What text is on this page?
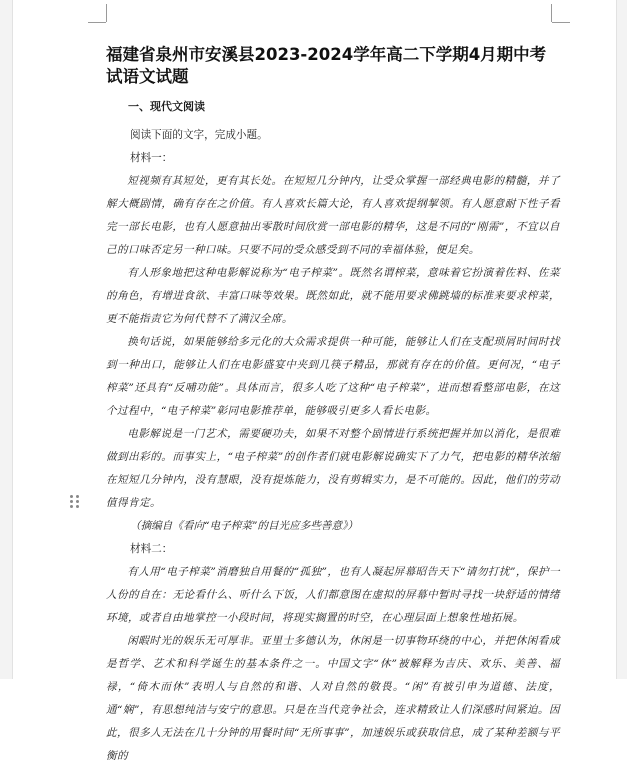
福建省泉州市安溪县2023-2024学年高二下学期4月期中考试语文试题
一、现代文阅读
阅读下面的文字，完成小题。
材料一：

短视频有其短处，更有其长处。在短短几分钟内，让受众掌握一部经典电影的精髓，并了解大概剧情，确有存在之价值。有人喜欢长篇大论，有人喜欢提纲挈领。有人愿意耐下性子看完一部长电影，也有人愿意抽出零散时间欣赏一部电影的精华，这是不同的“刚需”，不宜以自己的口味否定另一种口味。只要不同的受众感受到不同的幸福体验，便足矣。

有人形象地把这种电影解说称为“电子榨菜”。既然名谓榨菜，意味着它扮演着佐料、佐菜的角色，有增进食欲、丰富口味等效果。既然如此，就不能用要求佛跳墙的标准来要求榨菜，更不能指责它为何代替不了满汉全席。

换句话说，如果能够给多元化的大众需求提供一种可能，能够让人们在支配琐屑时间时找到一种出口，能够让人们在电影盛宴中夹到几筷子精品，那就有存在的价值。更何况，“电子榨菜”还具有“反哺功能”。具体而言，很多人吃了这种“电子榨菜”，进而想看整部电影，在这个过程中，“电子榨菜”彰同电影推荐单，能够吸引更多人看长电影。

电影解说是一门艺术，需要硬功夫，如果不对整个剧情进行系统把握并加以消化，是很难做到出彩的。而事实上，“电子榨菜”的创作者们就电影解说确实下了力气，把电影的精华浓缩在短短几分钟内，没有慧眼，没有提炼能力，没有剪辑实力，是不可能的。因此，他们的劳动值得肯定。

（摘编自《看向“电子榨菜”的目光应多些善意》）
材料二：

有人用“电子榨菜”消磨独自用餐的“孤独”，也有人凝起屏幕昭告天下“请勿打扰”，保护一人份的自在：无论看什么、听什么下饭，人们都意图在虚拟的屏幕中暂时寻找一块舒适的情绪环境，或者自由地掌控一小段时间，将现实搁置的时空，在心理层面上想象性地拓展。

闲暇时光的娱乐无可厚非。亚里士多德认为，休闲是一切事物环绕的中心，并把休闲看成是哲学、艺术和科学诞生的基本条件之一。中国文字“休”被解释为吉庆、欢乐、美善、福禄，“倚木而休”表明人与自然的和谐、人对自然的敬畏。“闲”有被引申为道德、法度，通“娴”，有思想纯洁与安宁的意思。只是在当代竞争社会，连求精致让人们深感时间紧迫。因此，很多人无法在几十分钟的用餐时间“无所事事”，加速娱乐或获取信息，成了某种差额与平衡的
